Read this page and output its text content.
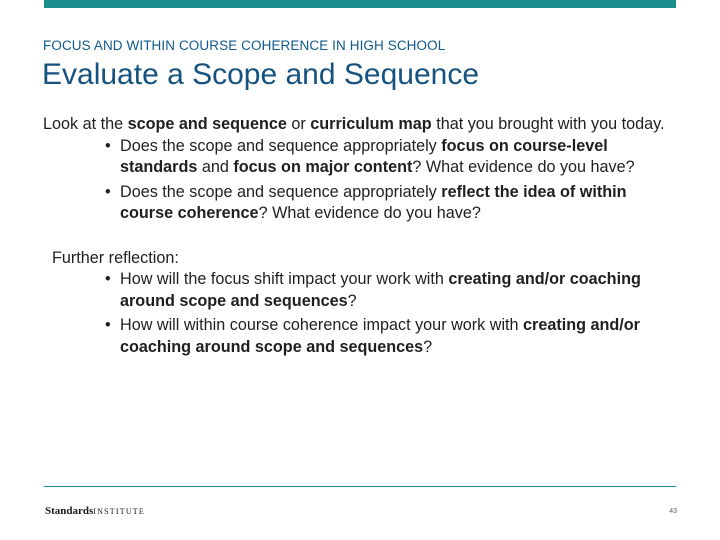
FOCUS AND WITHIN COURSE COHERENCE IN HIGH SCHOOL
Evaluate a Scope and Sequence

Look at the scope and sequence or curriculum map that you brought with you today.

• Does the scope and sequence appropriately focus on course-level standards and focus on major content? What evidence do you have?
• Does the scope and sequence appropriately reflect the idea of within course coherence? What evidence do you have?

Further reflection:

• How will the focus shift impact your work with creating and/or coaching around scope and sequences?
• How will within course coherence impact your work with creating and/or coaching around scope and sequences?
StandardsINSTITUTE	43
